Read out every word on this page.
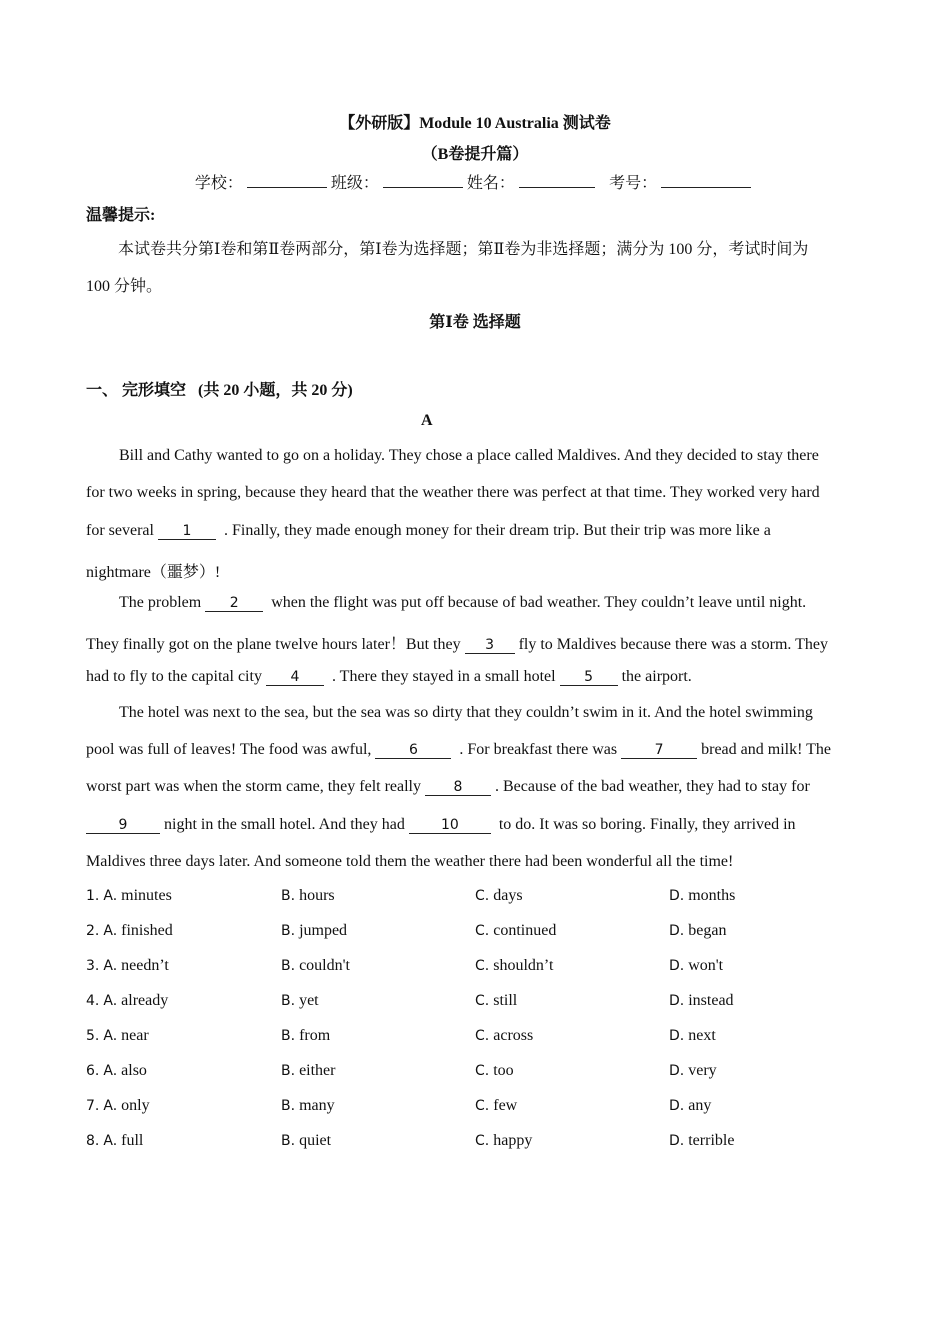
【外研版】Module 10 Australia 测试卷
（B卷提升篇）
学校：	班级：	姓名：	考号：
温馨提示:
本试卷共分第Ⅰ卷和第Ⅱ卷两部分，第Ⅰ卷为选择题；第Ⅱ卷为非选择题；满分为 100 分，考试时间为
100 分钟。
第Ⅰ卷 选择题
一、 完形填空 (共 20 小题，共 20 分)
A
Bill and Cathy wanted to go on a holiday. They chose a place called Maldives. And they decided to stay there
for two weeks in spring, because they heard that the weather there was perfect at that time. They worked very hard
for several 1 . Finally, they made enough money for their dream trip. But their trip was more like a
nightmare（噩梦）!
The problem 2 when the flight was put off because of bad weather. They couldn’t leave until night.
They finally got on the plane twelve hours later！But they 3 fly to Maldives because there was a storm. They
had to fly to the capital city 4 . There they stayed in a small hotel 5 the airport.
The hotel was next to the sea, but the sea was so dirty that they couldn’t swim in it. And the hotel swimming
pool was full of leaves! The food was awful,	6	. For breakfast there was	7 bread and milk! The
worst part was when the storm came, they felt really 8 . Because of the bad weather, they had to stay for
9 night in the small hotel. And they had	10	to do. It was so boring. Finally, they arrived in
Maldives three days later. And someone told them the weather there had been wonderful all the time!
1. A. minutes	B. hours	C. days	D. months
2. A. finished	B. jumped	C. continued	D. began
3. A. needn’t	B. couldn't	C. shouldn’t	D. won't
4. A. already	B. yet	C. still	D. instead
5. A. near	B. from	C. across	D. next
6. A. also	B. either	C. too	D. very
7. A. only	B. many	C. few	D. any
8. A. full	B. quiet	C. happy	D. terrible
